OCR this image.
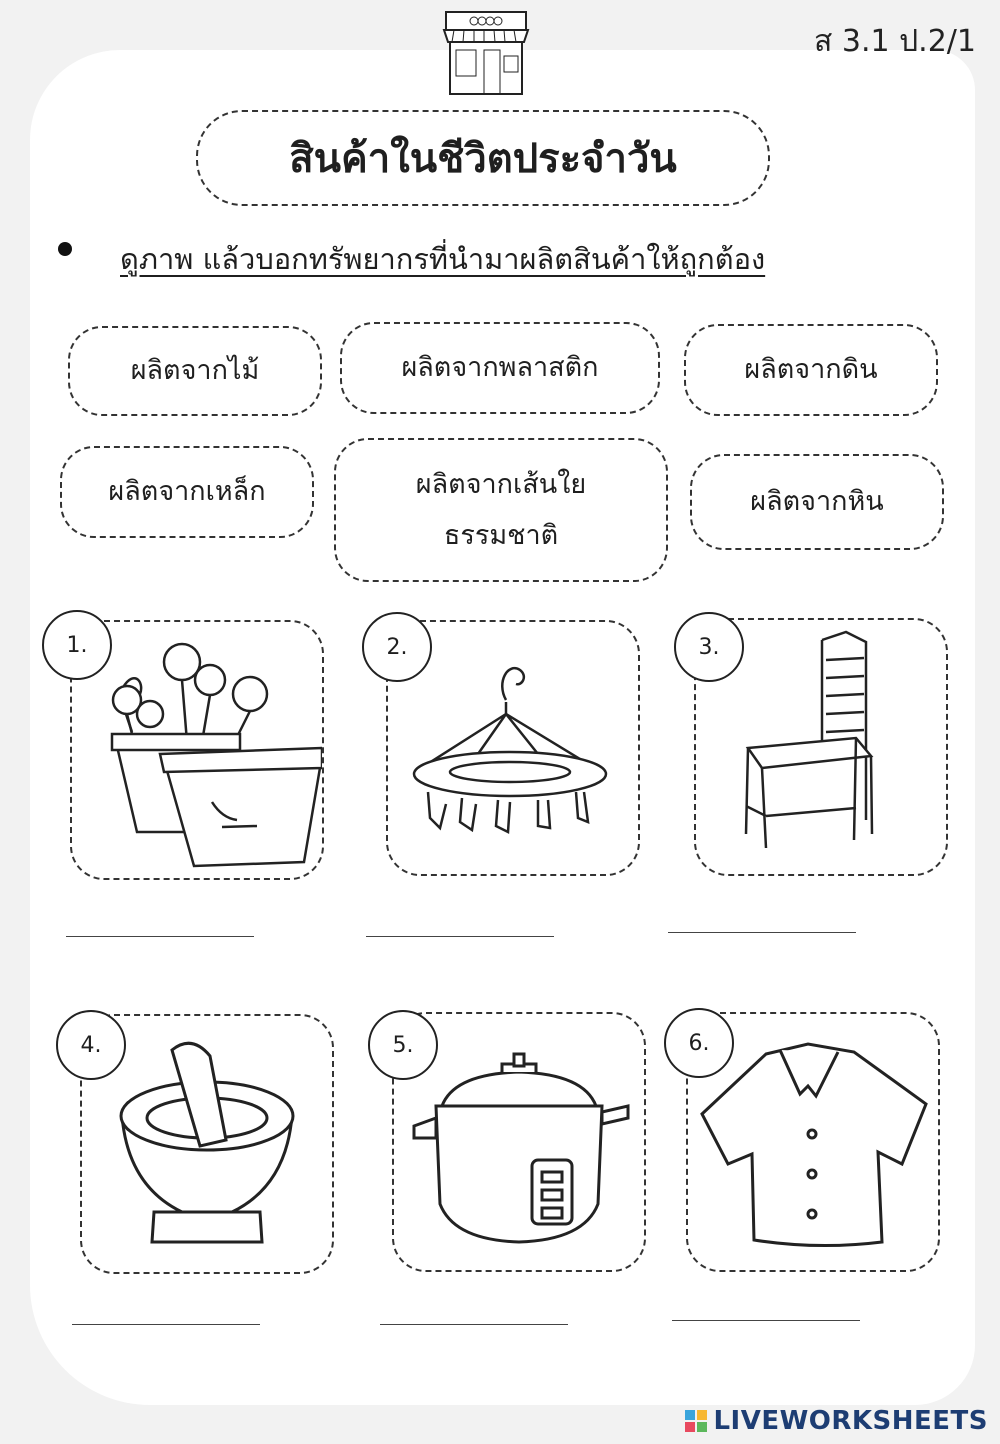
ส 3.1 ป.2/1
สินค้าในชีวิตประจำวัน
ดูภาพ แล้วบอกทรัพยากรที่นำมาผลิตสินค้าให้ถูกต้อง
ผลิตจากไม้	ผลิตจากพลาสติก	ผลิตจากดิน
ผลิตจากเหล็ก	ผลิตจากเส้นใย
ธรรมชาติ
ผลิตจากหิน
1.	2.	3.
4.	5.	6.
LIVEWORKSHEETS
